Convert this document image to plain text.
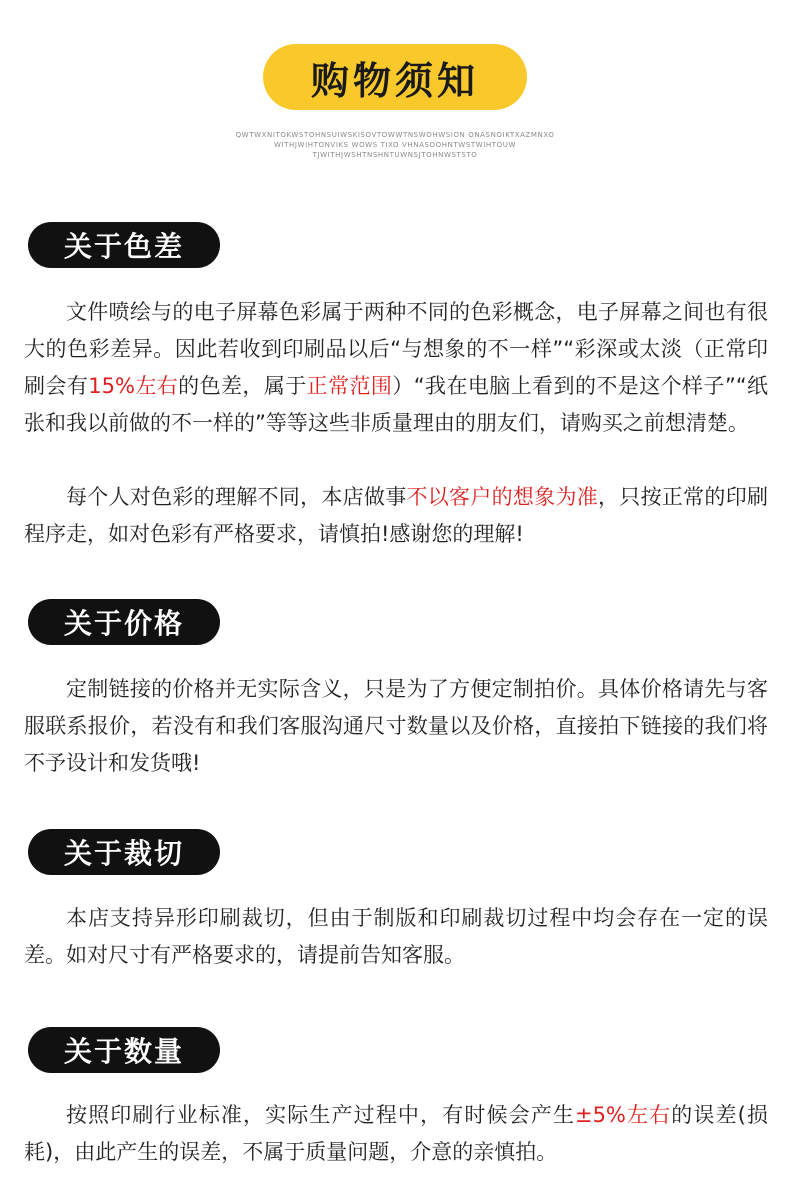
购物须知
QWTWXNITOKWSTOHNSUIWSKISOVTOWWTNSWOHWSION ONASNOIKTXAZMNXO
WITHJWIHTONVIKS WOWS TIXO VHNASOOHNTWSTWIHTOUW
TJWITHJWSHTNSHNTUWNSJTOHNWSTSTO
关于色差

文件喷绘与的电子屏幕色彩属于两种不同的色彩概念，电子屏幕之间也有很大的色彩差异。因此若收到印刷品以后“与想象的不一样”“彩深或太淡（正常印刷会有15%左右的色差，属于正常范围）“我在电脑上看到的不是这个样子”“纸张和我以前做的不一样的”等等这些非质量理由的朋友们，请购买之前想清楚。

每个人对色彩的理解不同，本店做事不以客户的想象为准，只按正常的印刷程序走，如对色彩有严格要求，请慎拍!感谢您的理解!

关于价格

定制链接的价格并无实际含义，只是为了方便定制拍价。具体价格请先与客服联系报价，若没有和我们客服沟通尺寸数量以及价格，直接拍下链接的我们将不予设计和发货哦!

关于裁切

本店支持异形印刷裁切，但由于制版和印刷裁切过程中均会存在一定的误差。如对尺寸有严格要求的，请提前告知客服。

关于数量

按照印刷行业标准，实际生产过程中，有时候会产生±5%左右的误差(损耗)，由此产生的误差，不属于质量问题，介意的亲慎拍。
